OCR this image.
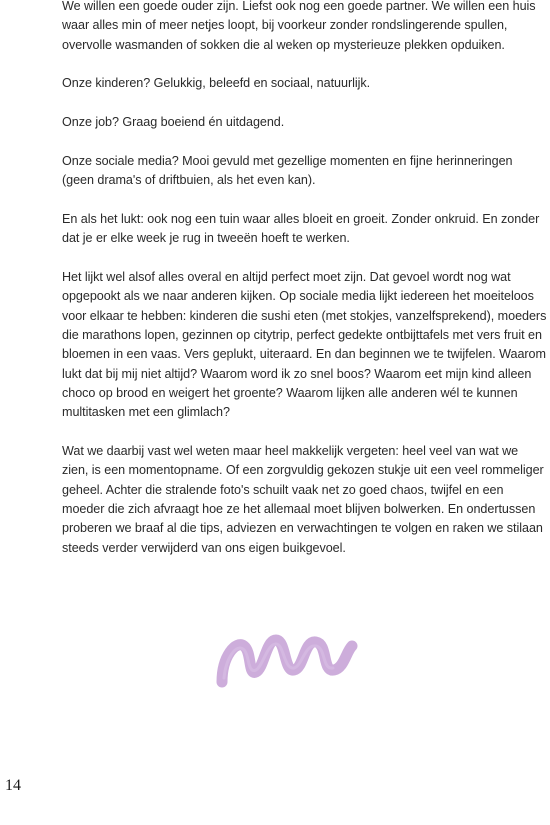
We willen een goede ouder zijn. Liefst ook nog een goede partner. We willen een huis waar alles min of meer netjes loopt, bij voorkeur zonder rondslingerende spullen, overvolle wasmanden of sokken die al weken op mysterieuze plekken opduiken.

Onze kinderen? Gelukkig, beleefd en sociaal, natuurlijk.

Onze job? Graag boeiend én uitdagend.

Onze sociale media? Mooi gevuld met gezellige momenten en fijne herinneringen (geen drama's of driftbuien, als het even kan).

En als het lukt: ook nog een tuin waar alles bloeit en groeit. Zonder onkruid. En zonder dat je er elke week je rug in tweeën hoeft te werken.

Het lijkt wel alsof alles overal en altijd perfect moet zijn. Dat gevoel wordt nog wat opgepookt als we naar anderen kijken. Op sociale media lijkt iedereen het moeiteloos voor elkaar te hebben: kinderen die sushi eten (met stokjes, vanzelfsprekend), moeders die marathons lopen, gezinnen op citytrip, perfect gedekte ontbijttafels met vers fruit en bloemen in een vaas. Vers geplukt, uiteraard. En dan beginnen we te twijfelen. Waarom lukt dat bij mij niet altijd? Waarom word ik zo snel boos? Waarom eet mijn kind alleen choco op brood en weigert het groente? Waarom lijken alle anderen wél te kunnen multitasken met een glimlach?

Wat we daarbij vast wel weten maar heel makkelijk vergeten: heel veel van wat we zien, is een momentopname. Of een zorgvuldig gekozen stukje uit een veel rommeliger geheel. Achter die stralende foto's schuilt vaak net zo goed chaos, twijfel en een moeder die zich afvraagt hoe ze het allemaal moet blijven bolwerken. En ondertussen proberen we braaf al die tips, adviezen en verwachtingen te volgen en raken we stilaan steeds verder verwijderd van ons eigen buikgevoel.

14
